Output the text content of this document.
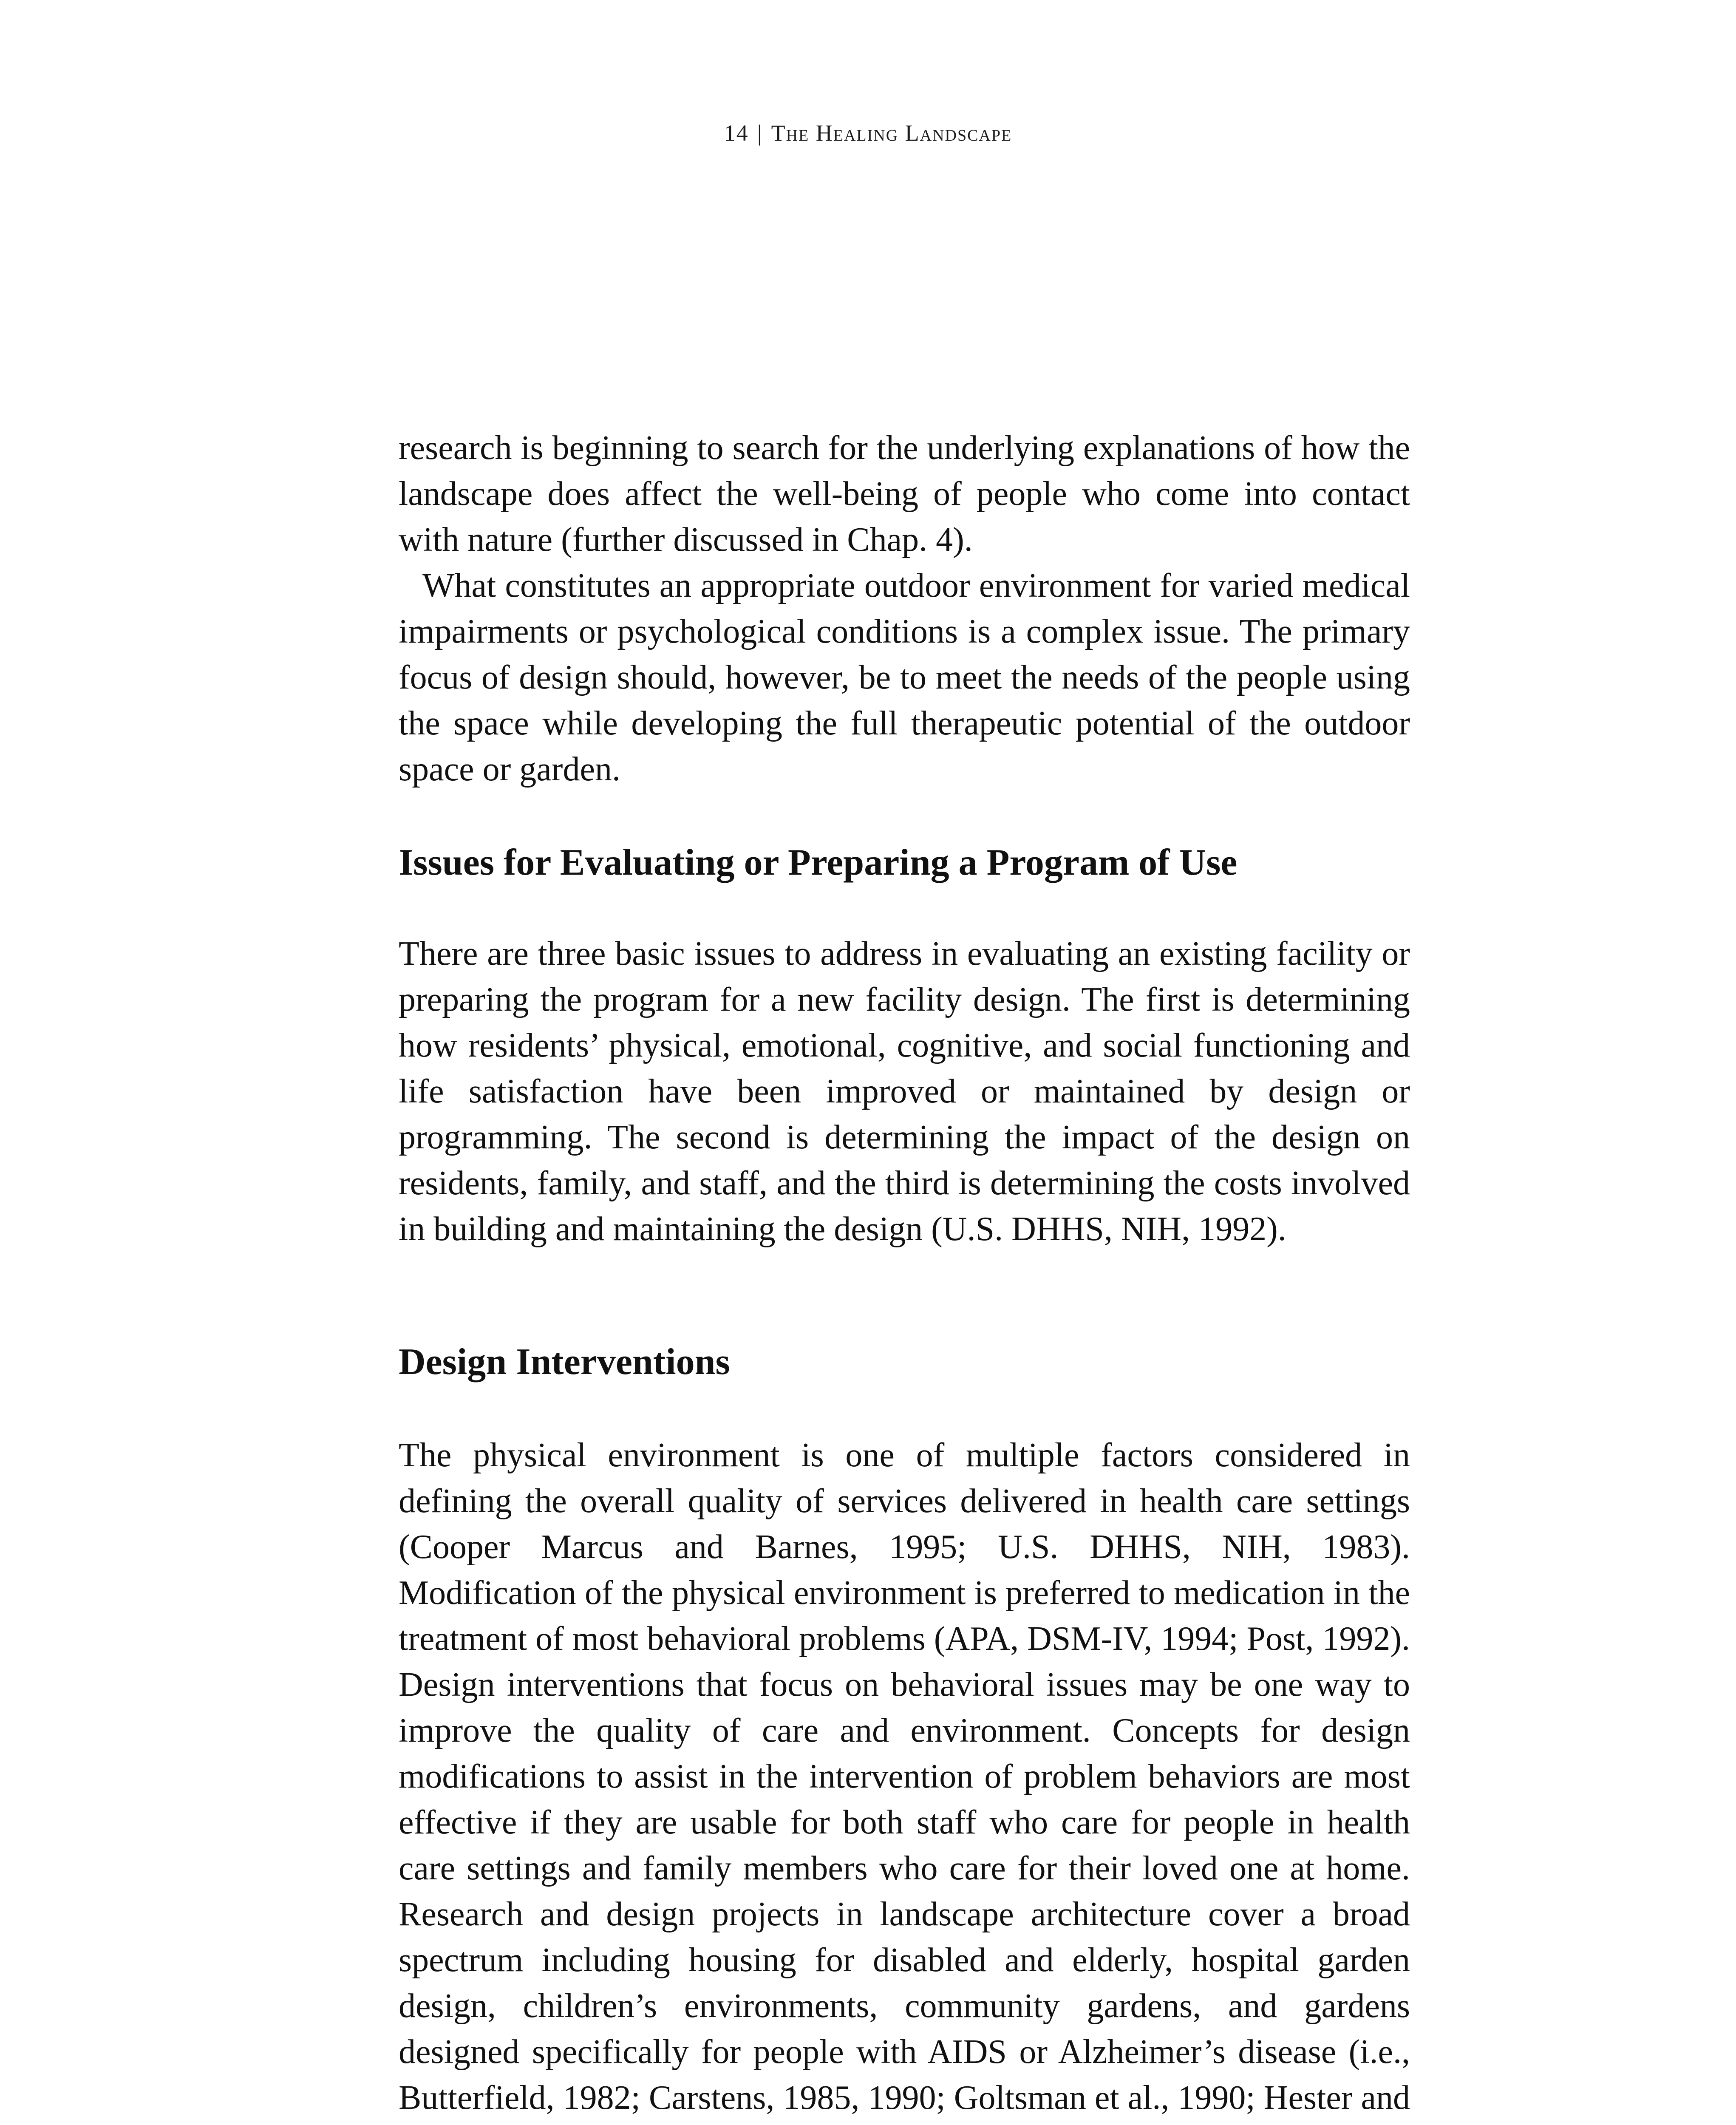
14 | The Healing Landscape

research is beginning to search for the underlying explanations of how the landscape does affect the well-being of people who come into contact with nature (further discussed in Chap. 4).

What constitutes an appropriate outdoor environment for varied medical impairments or psychological conditions is a complex issue. The primary focus of design should, however, be to meet the needs of the people using the space while developing the full therapeutic potential of the outdoor space or garden.

Issues for Evaluating or Preparing a Program of Use

There are three basic issues to address in evaluating an existing facility or preparing the program for a new facility design. The first is determining how residents’ physical, emotional, cognitive, and social functioning and life satisfaction have been improved or maintained by design or programming. The second is determining the impact of the design on residents, family, and staff, and the third is determining the costs involved in building and maintaining the design (U.S. DHHS, NIH, 1992).

Design Interventions

The physical environment is one of multiple factors considered in defining the overall quality of services delivered in health care settings (Cooper Marcus and Barnes, 1995; U.S. DHHS, NIH, 1983). Modification of the physical environment is preferred to medication in the treatment of most behavioral problems (APA, DSM-IV, 1994; Post, 1992). Design interventions that focus on behavioral issues may be one way to improve the quality of care and environment. Concepts for design modifications to assist in the intervention of problem behaviors are most effective if they are usable for both staff who care for people in health care settings and family members who care for their loved one at home. Research and design projects in landscape architecture cover a broad spectrum including housing for disabled and elderly, hospital garden design, children’s environments, community gardens, and gardens designed specifically for people with AIDS or Alzheimer’s disease (i.e., Butterfield, 1982; Carstens, 1985, 1990; Goltsman et al., 1990; Hester and
